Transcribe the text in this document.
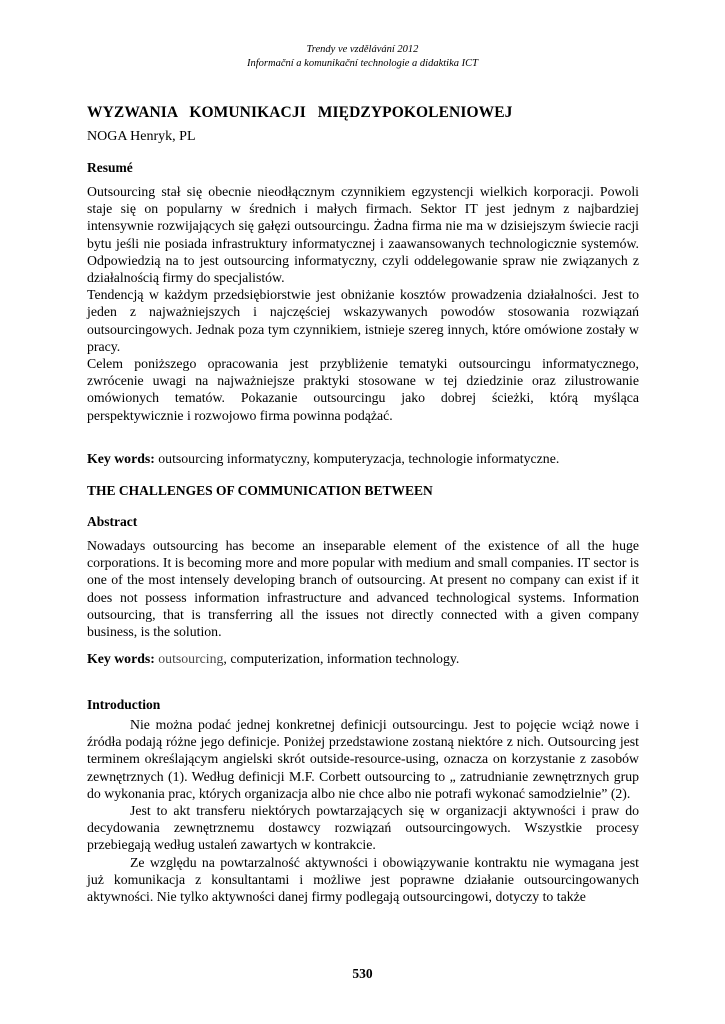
Trendy ve vzdělávání 2012
Informační a komunikační technologie a didaktika ICT
WYZWANIA KOMUNIKACJI MIĘDZYPOKOLENIOWEJ
NOGA Henryk, PL
Resumé

Outsourcing stał się obecnie nieodłącznym czynnikiem egzystencji wielkich korporacji. Powoli staje się on popularny w średnich i małych firmach. Sektor IT jest jednym z najbardziej intensywnie rozwijających się gałęzi outsourcingu. Żadna firma nie ma w dzisiejszym świecie racji bytu jeśli nie posiada infrastruktury informatycznej i zaawansowanych technologicznie systemów. Odpowiedzią na to jest outsourcing informatyczny, czyli oddelegowanie spraw nie związanych z działalnością firmy do specjalistów.

Tendencją w każdym przedsiębiorstwie jest obniżanie kosztów prowadzenia działalności. Jest to jeden z najważniejszych i najczęściej wskazywanych powodów stosowania rozwiązań outsourcingowych. Jednak poza tym czynnikiem, istnieje szereg innych, które omówione zostały w pracy.

Celem poniższego opracowania jest przybliżenie tematyki outsourcingu informatycznego, zwrócenie uwagi na najważniejsze praktyki stosowane w tej dziedzinie oraz zilustrowanie omówionych tematów. Pokazanie outsourcingu jako dobrej ścieżki, którą myśląca perspektywicznie i rozwojowo firma powinna podążać.

Key words: outsourcing informatyczny, komputeryzacja, technologie informatyczne.
THE CHALLENGES OF COMMUNICATION BETWEEN
Abstract

Nowadays outsourcing has become an inseparable element of the existence of all the huge corporations. It is becoming more and more popular with medium and small companies. IT sector is one of the most intensely developing branch of outsourcing. At present no company can exist if it does not possess information infrastructure and advanced technological systems. Information outsourcing, that is transferring all the issues not directly connected with a given company business, is the solution.

Key words: outsourcing, computerization, information technology.
Introduction

Nie można podać jednej konkretnej definicji outsourcingu. Jest to pojęcie wciąż nowe i źródła podają różne jego definicje. Poniżej przedstawione zostaną niektóre z nich. Outsourcing jest terminem określającym angielski skrót outside-resource-using, oznacza on korzystanie z zasobów zewnętrznych (1). Według definicji M.F. Corbett outsourcing to „ zatrudnianie zewnętrznych grup do wykonania prac, których organizacja albo nie chce albo nie potrafi wykonać samodzielnie” (2).

Jest to akt transferu niektórych powtarzających się w organizacji aktywności i praw do decydowania zewnętrznemu dostawcy rozwiązań outsourcingowych. Wszystkie procesy przebiegają według ustaleń zawartych w kontrakcie.

Ze względu na powtarzalność aktywności i obowiązywanie kontraktu nie wymagana jest już komunikacja z konsultantami i możliwe jest poprawne działanie outsourcingowanych aktywności. Nie tylko aktywności danej firmy podlegają outsourcingowi, dotyczy to także

530
